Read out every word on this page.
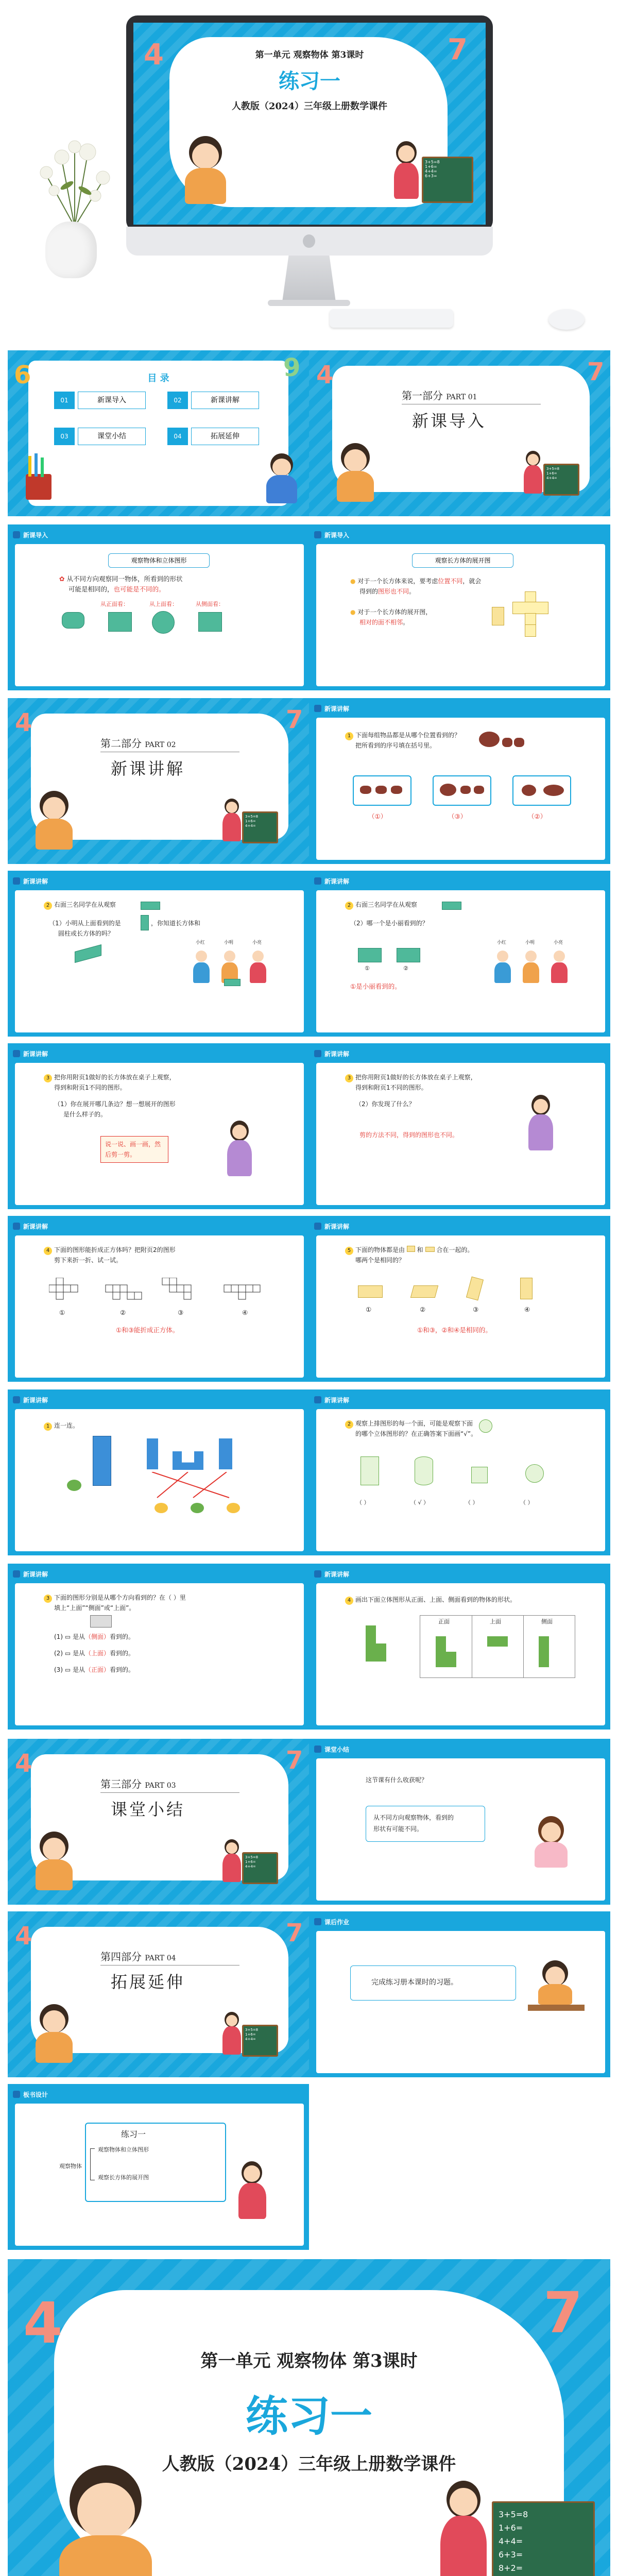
第一单元 观察物体 第3课时
练习一
人教版（2024）三年级上册数学课件
4	7
3+5=8
1+6=
4+4=
6+3=
6	9
目 录
01	新课导入	02	新课讲解
03	课堂小结	04	拓展延伸
4	7
第一部分 PART 01
新课导入
3+5=8
1+6=
4+4=
新课导入
观察物体和立体图形
✿ 从不同方向观察同一物体，所看到的形状
可能是相同的，也可能是不同的。
从正面看：	从上面看：	从侧面看：
新课导入
观察长方体的展开图
● 对于一个长方体来说，要考虑位置不同，就会
得到的图形也不同。
● 对于一个长方体的展开图，
相对的面不相邻。
4	7
第二部分 PART 02
新课讲解
3+5=8
1+6=
4+4=
新课讲解
1 下面每组物品都是从哪个位置看到的？
把所看到的序号填在括号里。
（①）	（③）	（②）
新课讲解
2 右面三名同学在从观察
（1）小明从上面看到的是	，你知道长方体和
圆柱或长方体的吗？
小红	小明	小亮
新课讲解
2 右面三名同学在从观察
（2）哪一个是小丽看到的？
①	②
①是小丽看到的。
小红	小明	小亮
新课讲解
3 把你用附页1做好的长方体放在桌子上观察，
得到和附页1不同的图形。
（1）你在展开哪几条边？想一想展开的图形
是什么样子的。
说一说、画一画，然后剪一剪。
新课讲解
3 把你用附页1做好的长方体放在桌子上观察，
得到和附页1不同的图形。
（2）你发现了什么？
剪的方法不同，得到的图形也不同。
新课讲解
4 下面的图形能折成正方体吗？把附页2的图形
剪下来折一折、试一试。
①	②	③	④
①和③能折成正方体。
新课讲解
5 下面的物体都是由 和 合在一起的。
哪两个是相同的？
①	②	③	④
①和③，②和④是相同的。
新课讲解
1 连一连。
新课讲解
2 观察上排图形的每一个面，可能是观察下面
的哪个立体图形的？在正确答案下面画“√”。
（ ）	（ √ ）	（ ）	（ ）
新课讲解
3 下面的图形分别是从哪个方向看到的？在（ ）里
填上“上面”“侧面”或“上面”。
(1) ▭ 是从（侧面）看到的。
(2) ▭ 是从（上面）看到的。
(3) ▭ 是从（正面）看到的。
新课讲解
4 画出下面立体图形从正面、上面、侧面看到的物体的形状。
正面	上面	侧面
4	7
第三部分 PART 03
课堂小结
3+5=8
1+6=
4+4=
课堂小结
这节课有什么收获呢？
从不同方向观察物体，看到的
形状有可能不同。
4	7
第四部分 PART 04
拓展延伸
3+5=8
1+6=
4+4=
课后作业
完成练习册本课时的习题。
板书设计
练习一
观察物体
观察物体和立体图形
观察长方体的展开图
4	7
第一单元 观察物体 第3课时
练习一
人教版（2024）三年级上册数学课件
3+5=8
1+6=
4+4=
6+3=
8+2=
